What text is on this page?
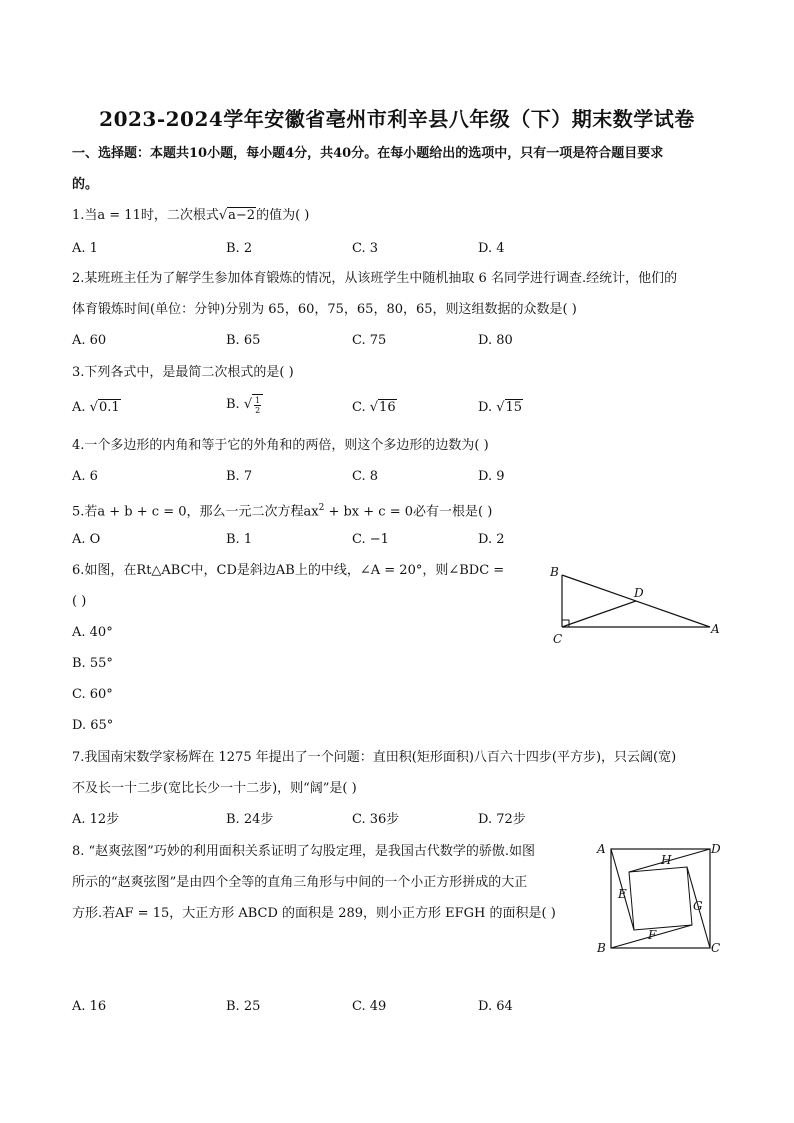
2023-2024学年安徽省亳州市利辛县八年级（下）期末数学试卷
一、选择题：本题共10小题，每小题4分，共40分。在每小题给出的选项中，只有一项是符合题目要求
的。
1.当a = 11时，二次根式√a−2的值为( )
A. 1	B. 2	C. 3	D. 4
2.某班班主任为了解学生参加体育锻炼的情况，从该班学生中随机抽取 6 名同学进行调查.经统计，他们的
体育锻炼时间(单位：分钟)分别为 65，60，75，65，80，65，则这组数据的众数是( )
A. 60	B. 65	C. 75	D. 80
3.下列各式中，是最简二次根式的是( )
A. √0.1	B. √ $\frac{1}{2}$	C. √16	D. √15
4.一个多边形的内角和等于它的外角和的两倍，则这个多边形的边数为( )
A. 6	B. 7	C. 8	D. 9
5.若a + b + c = 0，那么一元二次方程$ax^2$ + bx + c = 0必有一根是( )
A. O	B. 1	C. −1	D. 2
6.如图，在Rt△ABC中，CD是斜边AB上的中线，∠A = 20°，则∠BDC =
( )
A. 40°
B. 55°
C. 60°
D. 65°
B
D
C
A
7.我国南宋数学家杨辉在 1275 年提出了一个问题：直田积(矩形面积)八百六十四步(平方步)，只云阔(宽)
不及长一十二步(宽比长少一十二步)，则“阔”是( )
A. 12步	B. 24步	C. 36步	D. 72步
8. “赵爽弦图”巧妙的利用面积关系证明了勾股定理，是我国古代数学的骄傲.如图
所示的“赵爽弦图”是由四个全等的直角三角形与中间的一个小正方形拼成的大正
方形.若AF = 15，大正方形 ABCD 的面积是 289，则小正方形 EFGH 的面积是( )
A. 16	B. 25	C. 49	D. 64
A	D
H
E
G
F
B	C
